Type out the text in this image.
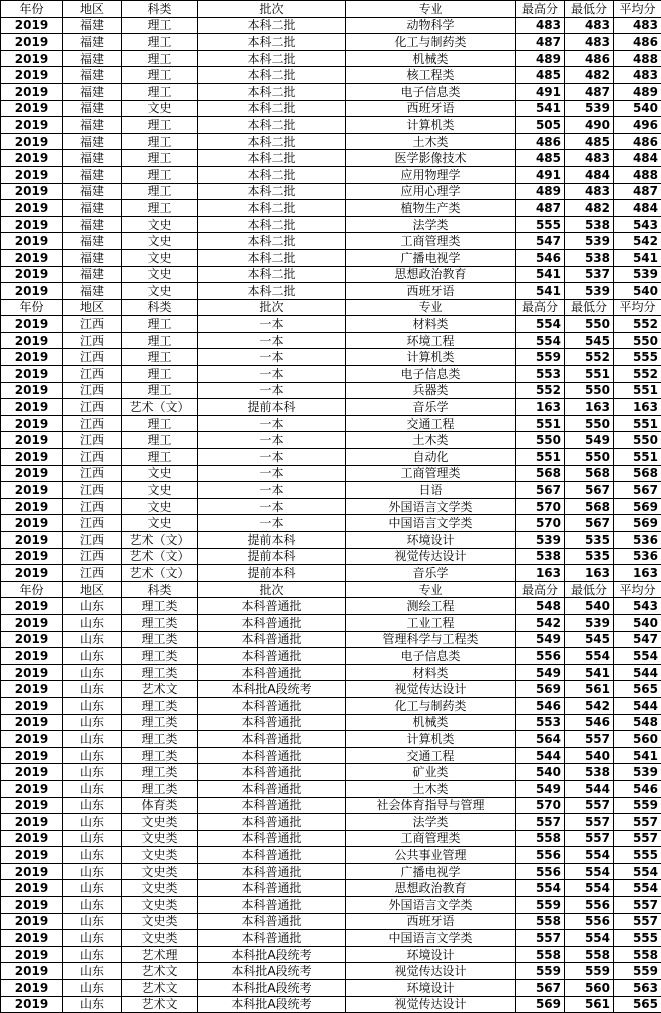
年份	地区	科类	批次	专业	最高分	最低分	平均分
2019	福建	理工	本科二批	动物科学	483	483	483
2019	福建	理工	本科二批	化工与制药类	487	483	486
2019	福建	理工	本科二批	机械类	489	486	488
2019	福建	理工	本科二批	核工程类	485	482	483
2019	福建	理工	本科二批	电子信息类	491	487	489
2019	福建	文史	本科二批	西班牙语	541	539	540
2019	福建	理工	本科二批	计算机类	505	490	496
2019	福建	理工	本科二批	土木类	486	485	486
2019	福建	理工	本科二批	医学影像技术	485	483	484
2019	福建	理工	本科二批	应用物理学	491	484	488
2019	福建	理工	本科二批	应用心理学	489	483	487
2019	福建	理工	本科二批	植物生产类	487	482	484
2019	福建	文史	本科二批	法学类	555	538	543
2019	福建	文史	本科二批	工商管理类	547	539	542
2019	福建	文史	本科二批	广播电视学	546	538	541
2019	福建	文史	本科二批	思想政治教育	541	537	539
2019	福建	文史	本科二批	西班牙语	541	539	540
年份	地区	科类	批次	专业	最高分	最低分	平均分
2019	江西	理工	一本	材料类	554	550	552
2019	江西	理工	一本	环境工程	554	545	550
2019	江西	理工	一本	计算机类	559	552	555
2019	江西	理工	一本	电子信息类	553	551	552
2019	江西	理工	一本	兵器类	552	550	551
2019	江西	艺术（文）	提前本科	音乐学	163	163	163
2019	江西	理工	一本	交通工程	551	550	551
2019	江西	理工	一本	土木类	550	549	550
2019	江西	理工	一本	自动化	551	550	551
2019	江西	文史	一本	工商管理类	568	568	568
2019	江西	文史	一本	日语	567	567	567
2019	江西	文史	一本	外国语言文学类	570	568	569
2019	江西	文史	一本	中国语言文学类	570	567	569
2019	江西	艺术（文）	提前本科	环境设计	539	535	536
2019	江西	艺术（文）	提前本科	视觉传达设计	538	535	536
2019	江西	艺术（文）	提前本科	音乐学	163	163	163
年份	地区	科类	批次	专业	最高分	最低分	平均分
2019	山东	理工类	本科普通批	测绘工程	548	540	543
2019	山东	理工类	本科普通批	工业工程	542	539	540
2019	山东	理工类	本科普通批	管理科学与工程类	549	545	547
2019	山东	理工类	本科普通批	电子信息类	556	554	554
2019	山东	理工类	本科普通批	材料类	549	541	544
2019	山东	艺术文	本科批A段统考	视觉传达设计	569	561	565
2019	山东	理工类	本科普通批	化工与制药类	546	542	544
2019	山东	理工类	本科普通批	机械类	553	546	548
2019	山东	理工类	本科普通批	计算机类	564	557	560
2019	山东	理工类	本科普通批	交通工程	544	540	541
2019	山东	理工类	本科普通批	矿业类	540	538	539
2019	山东	理工类	本科普通批	土木类	549	544	546
2019	山东	体育类	本科普通批	社会体育指导与管理	570	557	559
2019	山东	文史类	本科普通批	法学类	557	557	557
2019	山东	文史类	本科普通批	工商管理类	558	557	557
2019	山东	文史类	本科普通批	公共事业管理	556	554	555
2019	山东	文史类	本科普通批	广播电视学	556	554	554
2019	山东	文史类	本科普通批	思想政治教育	554	554	554
2019	山东	文史类	本科普通批	外国语言文学类	559	556	557
2019	山东	文史类	本科普通批	西班牙语	558	556	557
2019	山东	文史类	本科普通批	中国语言文学类	557	554	555
2019	山东	艺术理	本科批A段统考	环境设计	558	558	558
2019	山东	艺术文	本科批A段统考	视觉传达设计	559	559	559
2019	山东	艺术文	本科批A段统考	环境设计	567	560	563
2019	山东	艺术文	本科批A段统考	视觉传达设计	569	561	565
